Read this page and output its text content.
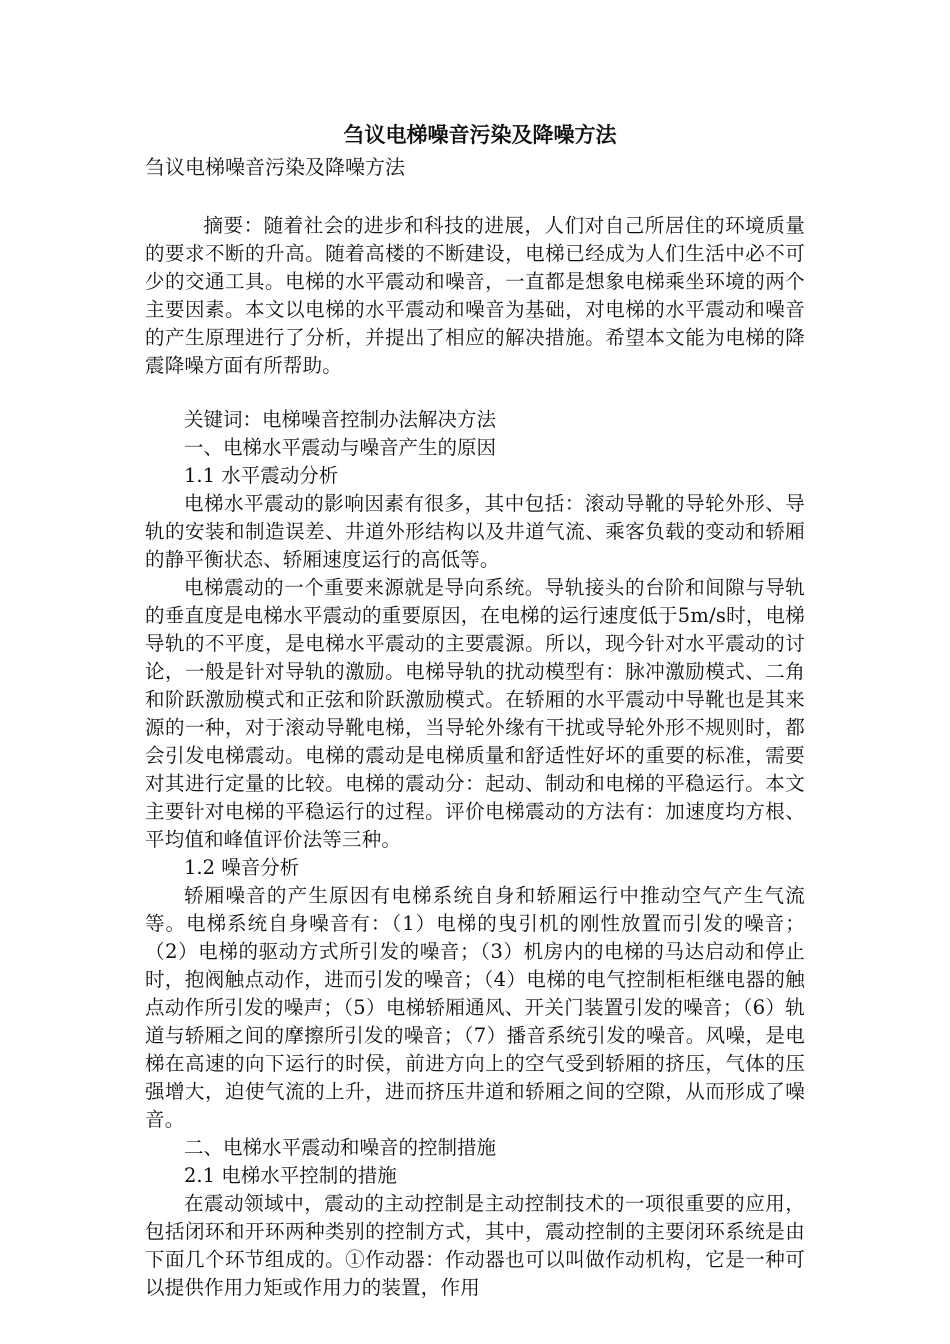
刍议电梯噪音污染及降噪方法
刍议电梯噪音污染及降噪方法

摘要：随着社会的进步和科技的进展，人们对自己所居住的环境质量的要求不断的升高。随着高楼的不断建设，电梯已经成为人们生活中必不可少的交通工具。电梯的水平震动和噪音，一直都是想象电梯乘坐环境的两个主要因素。本文以电梯的水平震动和噪音为基础，对电梯的水平震动和噪音的产生原理进行了分析，并提出了相应的解决措施。希望本文能为电梯的降震降噪方面有所帮助。

关键词：电梯噪音控制办法解决方法
一、电梯水平震动与噪音产生的原因
1.1 水平震动分析

电梯水平震动的影响因素有很多，其中包括：滚动导靴的导轮外形、导轨的安装和制造误差、井道外形结构以及井道气流、乘客负载的变动和轿厢的静平衡状态、轿厢速度运行的高低等。

电梯震动的一个重要来源就是导向系统。导轨接头的台阶和间隙与导轨的垂直度是电梯水平震动的重要原因，在电梯的运行速度低于5m/s时，电梯导轨的不平度，是电梯水平震动的主要震源。所以，现今针对水平震动的讨论，一般是针对导轨的激励。电梯导轨的扰动模型有：脉冲激励模式、二角和阶跃激励模式和正弦和阶跃激励模式。在轿厢的水平震动中导靴也是其来源的一种，对于滚动导靴电梯，当导轮外缘有干扰或导轮外形不规则时，都会引发电梯震动。电梯的震动是电梯质量和舒适性好坏的重要的标准，需要对其进行定量的比较。电梯的震动分：起动、制动和电梯的平稳运行。本文主要针对电梯的平稳运行的过程。评价电梯震动的方法有：加速度均方根、平均值和峰值评价法等三种。

1.2 噪音分析

轿厢噪音的产生原因有电梯系统自身和轿厢运行中推动空气产生气流等。电梯系统自身噪音有：（1）电梯的曳引机的刚性放置而引发的噪音；（2）电梯的驱动方式所引发的噪音；（3）机房内的电梯的马达启动和停止时，抱阀触点动作，进而引发的噪音；（4）电梯的电气控制柜柜继电器的触点动作所引发的噪声；（5）电梯轿厢通风、开关门装置引发的噪音；（6）轨道与轿厢之间的摩擦所引发的噪音；（7）播音系统引发的噪音。风噪，是电梯在高速的向下运行的时侯，前进方向上的空气受到轿厢的挤压，气体的压强增大，迫使气流的上升，进而挤压井道和轿厢之间的空隙，从而形成了噪音。

二、电梯水平震动和噪音的控制措施
2.1 电梯水平控制的措施

在震动领域中，震动的主动控制是主动控制技术的一项很重要的应用，包括闭环和开环两种类别的控制方式，其中，震动控制的主要闭环系统是由下面几个环节组成的。①作动器：作动器也可以叫做作动机构，它是一种可以提供作用力矩或作用力的装置，作用
